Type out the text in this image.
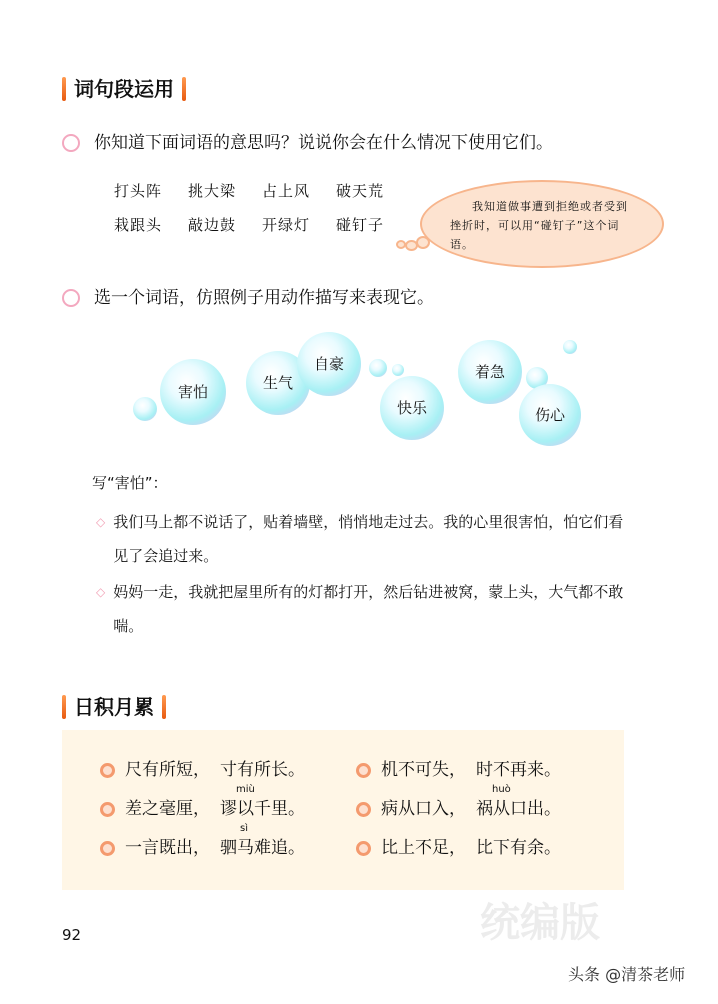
统编版
词句段运用
你知道下面词语的意思吗？说说你会在什么情况下使用它们。
打头阵 挑大梁 占上风 破天荒
栽跟头 敲边鼓 开绿灯 碰钉子
我知道做事遭到拒绝或者受到挫折时，可以用“碰钉子”这个词语。
选一个词语，仿照例子用动作描写来表现它。
害怕	生气
自豪
快乐
着急
伤心
写“害怕”：
◇ 我们马上都不说话了，贴着墙壁，悄悄地走过去。我的心里很害怕，怕它们看见了会追过来。
◇ 妈妈一走，我就把屋里所有的灯都打开，然后钻进被窝，蒙上头，大气都不敢喘。
日积月累
尺有所短， 寸有所长。	机不可失， 时不再来。
miù	huò
差之毫厘， 谬以千里。	病从口入， 祸从口出。
sì
一言既出， 驷马难追。	比上不足， 比下有余。
92
头条 @清茶老师
